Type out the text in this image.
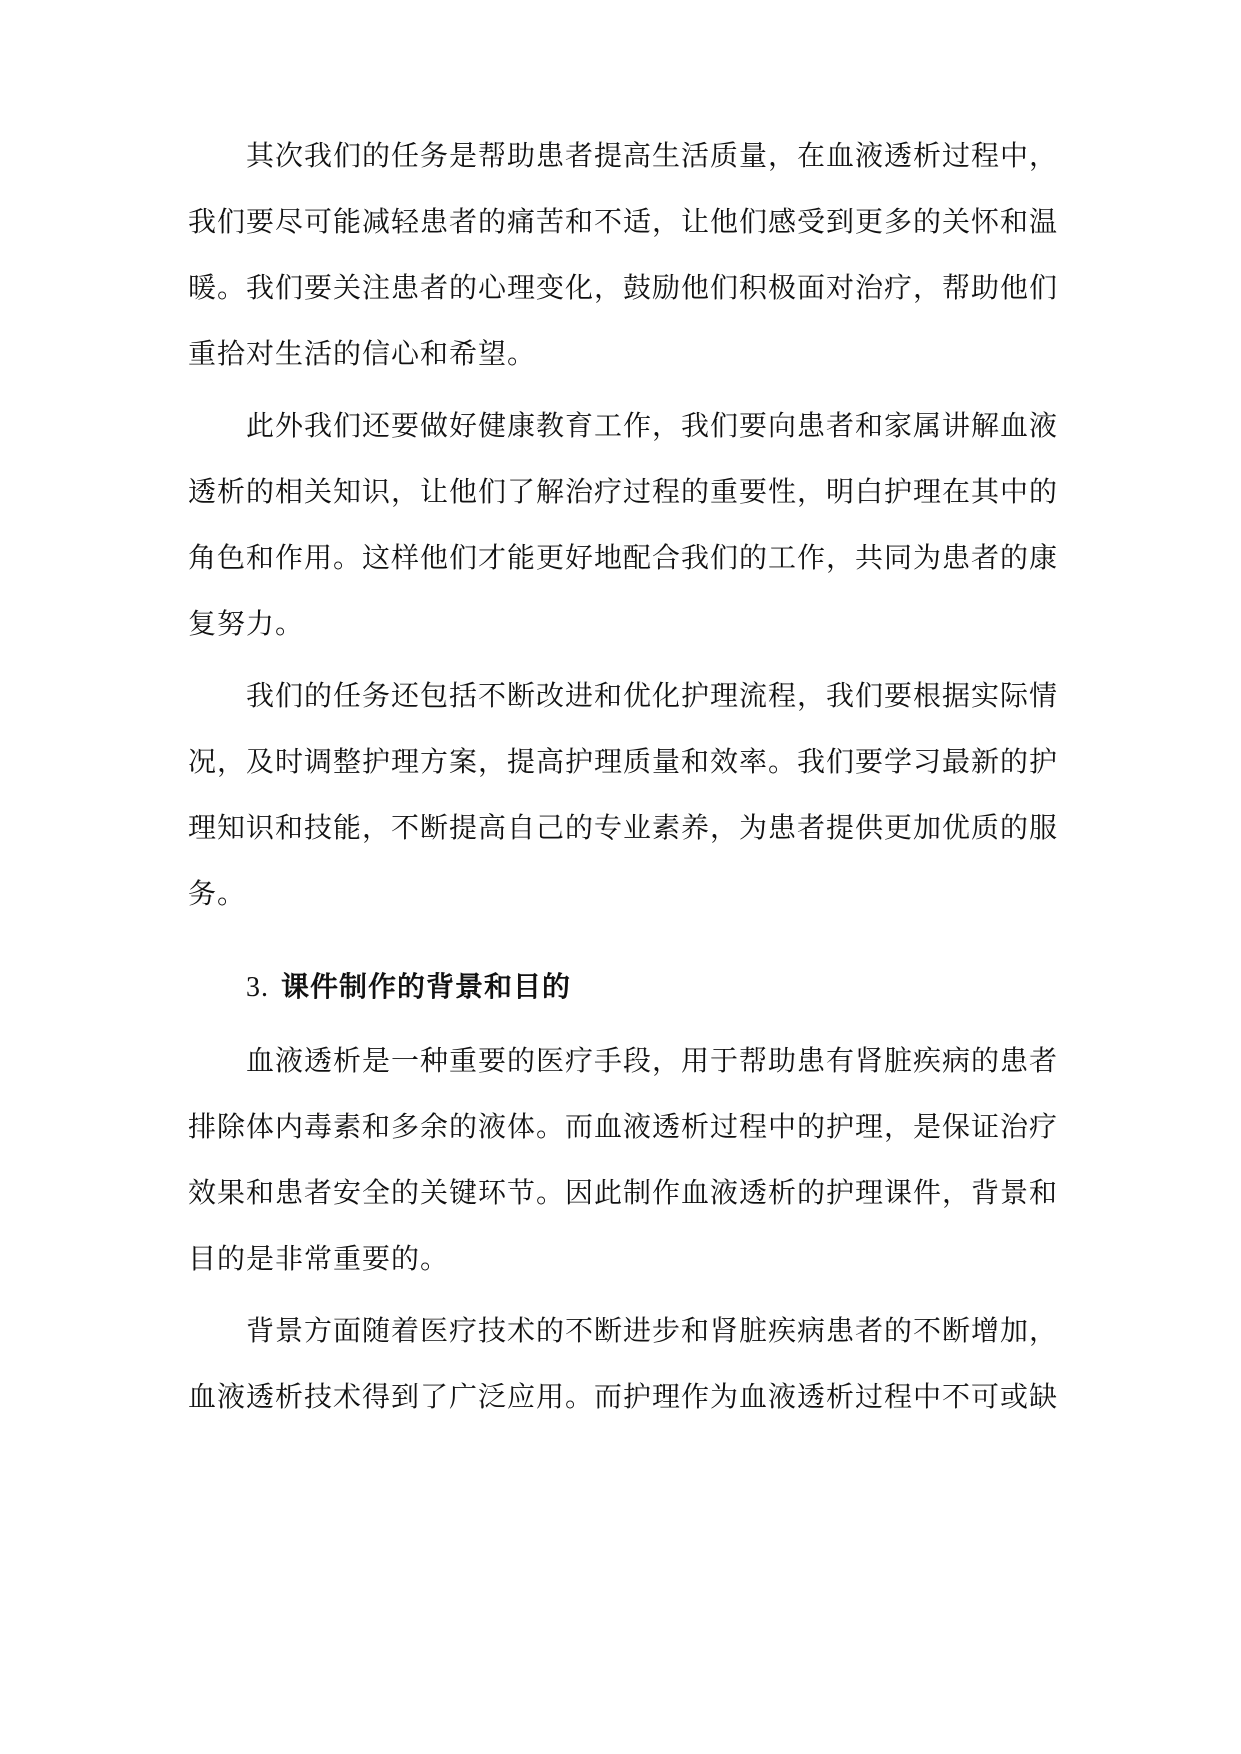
其次我们的任务是帮助患者提高生活质量，在血液透析过程中，
我们要尽可能减轻患者的痛苦和不适，让他们感受到更多的关怀和温
暖。我们要关注患者的心理变化，鼓励他们积极面对治疗，帮助他们
重拾对生活的信心和希望。
此外我们还要做好健康教育工作，我们要向患者和家属讲解血液
透析的相关知识，让他们了解治疗过程的重要性，明白护理在其中的
角色和作用。这样他们才能更好地配合我们的工作，共同为患者的康
复努力。
我们的任务还包括不断改进和优化护理流程，我们要根据实际情
况，及时调整护理方案，提高护理质量和效率。我们要学习最新的护
理知识和技能，不断提高自己的专业素养，为患者提供更加优质的服
务。
3. 课件制作的背景和目的
血液透析是一种重要的医疗手段，用于帮助患有肾脏疾病的患者
排除体内毒素和多余的液体。而血液透析过程中的护理，是保证治疗
效果和患者安全的关键环节。因此制作血液透析的护理课件，背景和
目的是非常重要的。
背景方面随着医疗技术的不断进步和肾脏疾病患者的不断增加，
血液透析技术得到了广泛应用。而护理作为血液透析过程中不可或缺
